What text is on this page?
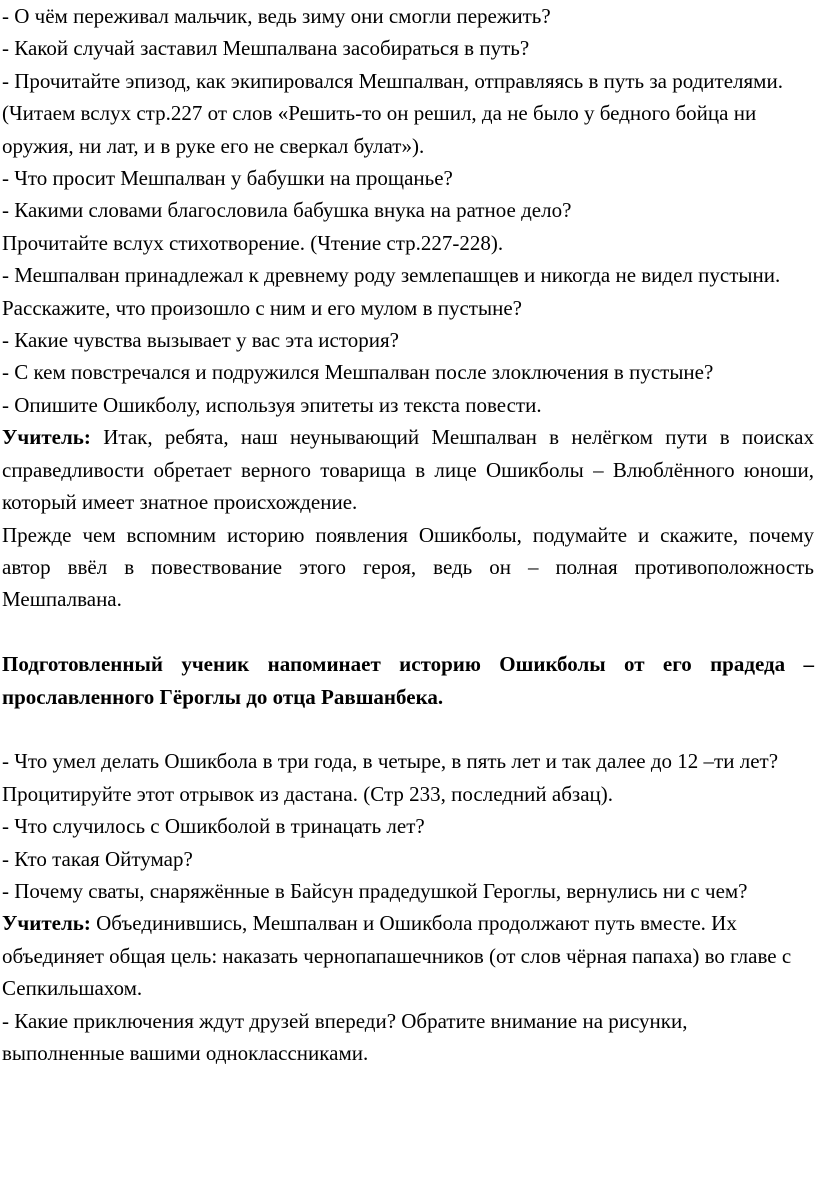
- О чём переживал мальчик, ведь зиму они смогли пережить?

- Какой случай заставил Мешпалвана засобираться в путь?

- Прочитайте эпизод, как экипировался Мешпалван, отправляясь в путь за родителями. (Читаем вслух стр.227 от слов «Решить-то он решил, да не было у бедного бойца ни оружия, ни лат, и в руке его не сверкал булат»).

- Что просит Мешпалван у бабушки на прощанье?

- Какими словами благословила бабушка внука на ратное дело?

Прочитайте вслух стихотворение. (Чтение стр.227-228).

- Мешпалван принадлежал к древнему роду землепашцев и никогда не видел пустыни.

Расскажите, что произошло с ним и его мулом в пустыне?

- Какие чувства вызывает у вас эта история?

- С кем повстречался и подружился Мешпалван после злоключения в пустыне?

- Опишите Ошикболу, используя эпитеты из текста повести.

Учитель: Итак, ребята, наш неунывающий Мешпалван в нелёгком пути в поисках справедливости обретает верного товарища в лице Ошикболы – Влюблённого юноши, который имеет знатное происхождение.

Прежде чем вспомним историю появления Ошикболы, подумайте и скажите, почему автор ввёл в повествование этого героя, ведь он – полная противоположность Мешпалвана.

Подготовленный ученик напоминает историю Ошикболы от его прадеда – прославленного Гёроглы до отца Равшанбека.

- Что умел делать Ошикбола в три года, в четыре, в пять лет и так далее до 12 –ти лет? Процитируйте этот отрывок из дастана. (Стр 233, последний абзац).

- Что случилось с Ошикболой в тринацать лет?

- Кто такая Ойтумар?

- Почему сваты, снаряжённые в Байсун прадедушкой Героглы, вернулись ни с чем?

Учитель: Объединившись, Мешпалван и Ошикбола продолжают путь вместе. Их объединяет общая цель: наказать чернопапашечников (от слов чёрная папаха) во главе с Сепкильшахом.

- Какие приключения ждут друзей впереди? Обратите внимание на рисунки, выполненные вашими одноклассниками.
